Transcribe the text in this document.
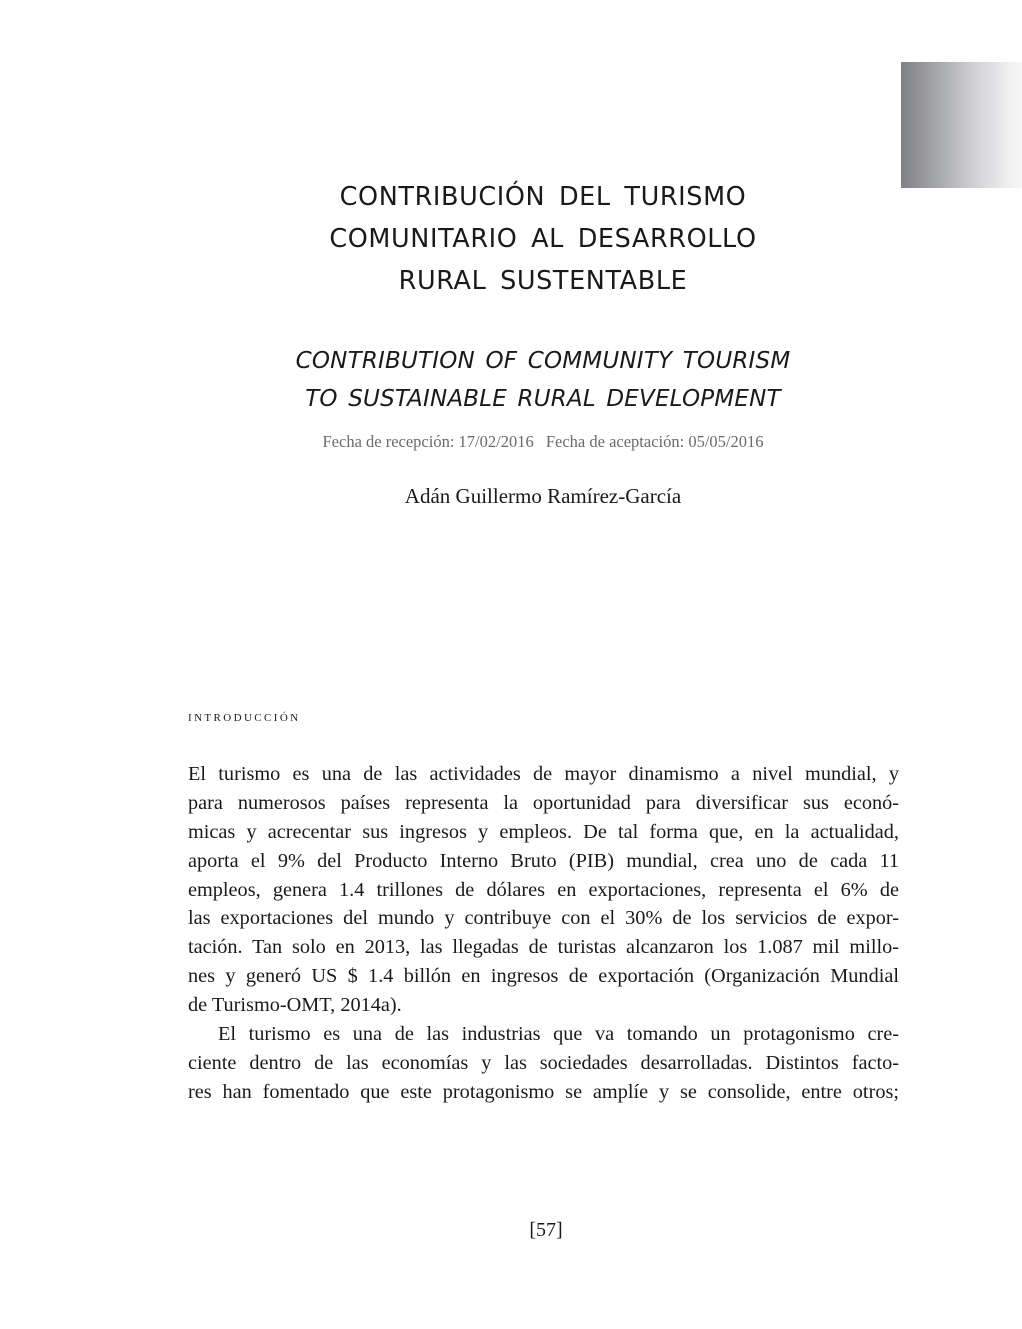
CONTRIBUCIÓN DEL TURISMO
COMUNITARIO AL DESARROLLO
RURAL SUSTENTABLE
CONTRIBUTION OF COMMUNITY TOURISM
TO SUSTAINABLE RURAL DEVELOPMENT
Fecha de recepción: 17/02/2016 Fecha de aceptación: 05/05/2016
Adán Guillermo Ramírez-García
introducción
El turismo es una de las actividades de mayor dinamismo a nivel mundial, y
para numerosos países representa la oportunidad para diversificar sus econó-
micas y acrecentar sus ingresos y empleos. De tal forma que, en la actualidad,
aporta el 9% del Producto Interno Bruto (PIB) mundial, crea uno de cada 11
empleos, genera 1.4 trillones de dólares en exportaciones, representa el 6% de
las exportaciones del mundo y contribuye con el 30% de los servicios de expor-
tación. Tan solo en 2013, las llegadas de turistas alcanzaron los 1.087 mil millo-
nes y generó US $ 1.4 billón en ingresos de exportación (Organización Mundial
de Turismo-OMT, 2014a).
El turismo es una de las industrias que va tomando un protagonismo cre-
ciente dentro de las economías y las sociedades desarrolladas. Distintos facto-
res han fomentado que este protagonismo se amplíe y se consolide, entre otros;
[57]
